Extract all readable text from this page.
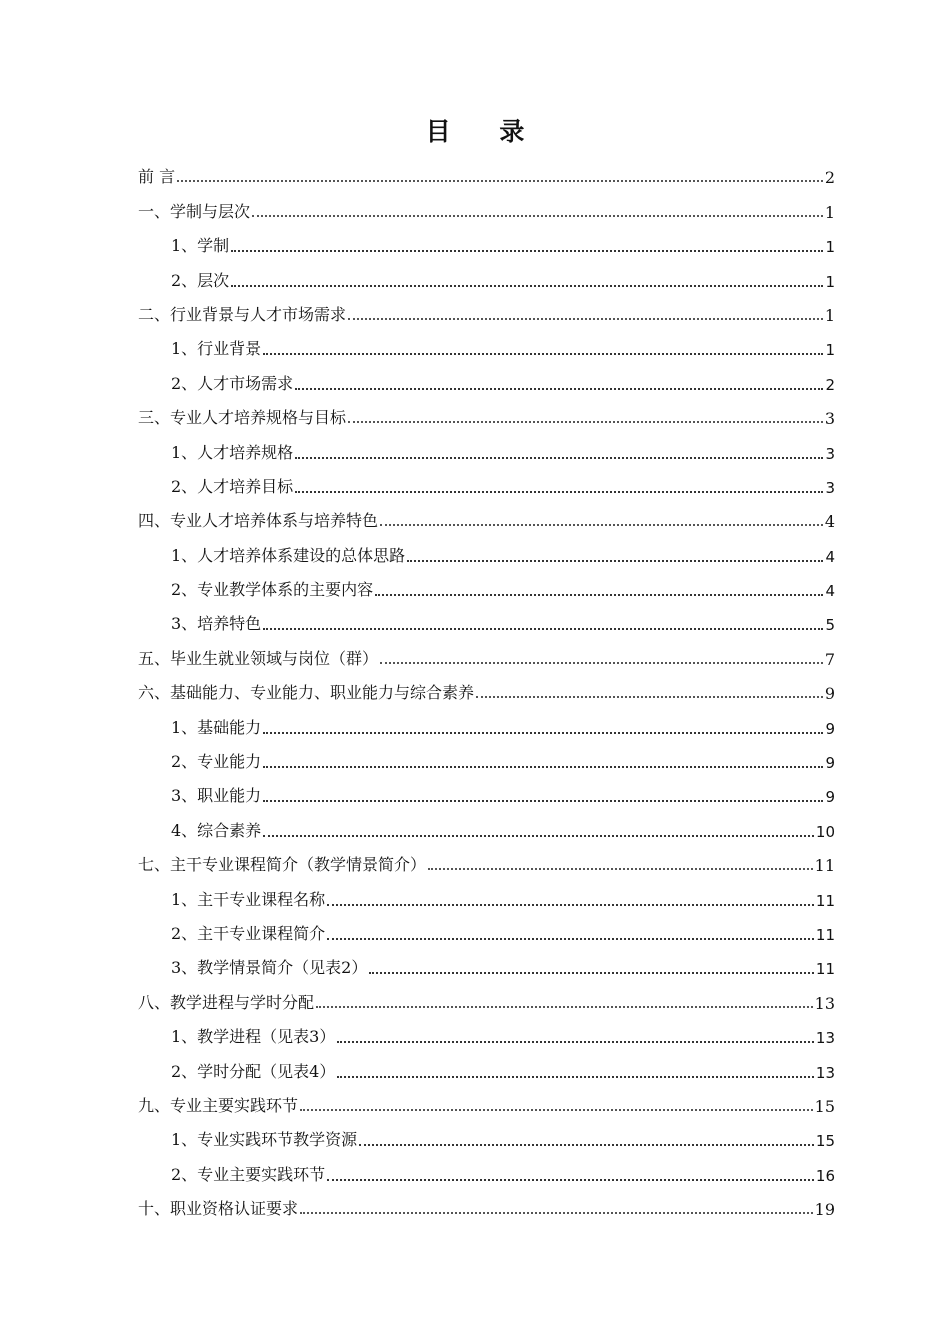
目 录
前 言	2
一、学制与层次	1
1、学制	1
2、层次	1
二、行业背景与人才市场需求	1
1、行业背景	1
2、人才市场需求	2
三、专业人才培养规格与目标	3
1、人才培养规格	3
2、人才培养目标	3
四、专业人才培养体系与培养特色	4
1、人才培养体系建设的总体思路	4
2、专业教学体系的主要内容	4
3、培养特色	5
五、毕业生就业领域与岗位（群）	7
六、基础能力、专业能力、职业能力与综合素养	9
1、基础能力	9
2、专业能力	9
3、职业能力	9
4、综合素养	10
七、主干专业课程简介（教学情景简介）	11
1、主干专业课程名称	11
2、主干专业课程简介	11
3、教学情景简介（见表2）	11
八、教学进程与学时分配	13
1、教学进程（见表3）	13
2、学时分配（见表4）	13
九、专业主要实践环节	15
1、专业实践环节教学资源	15
2、专业主要实践环节	16
十、职业资格认证要求	19
